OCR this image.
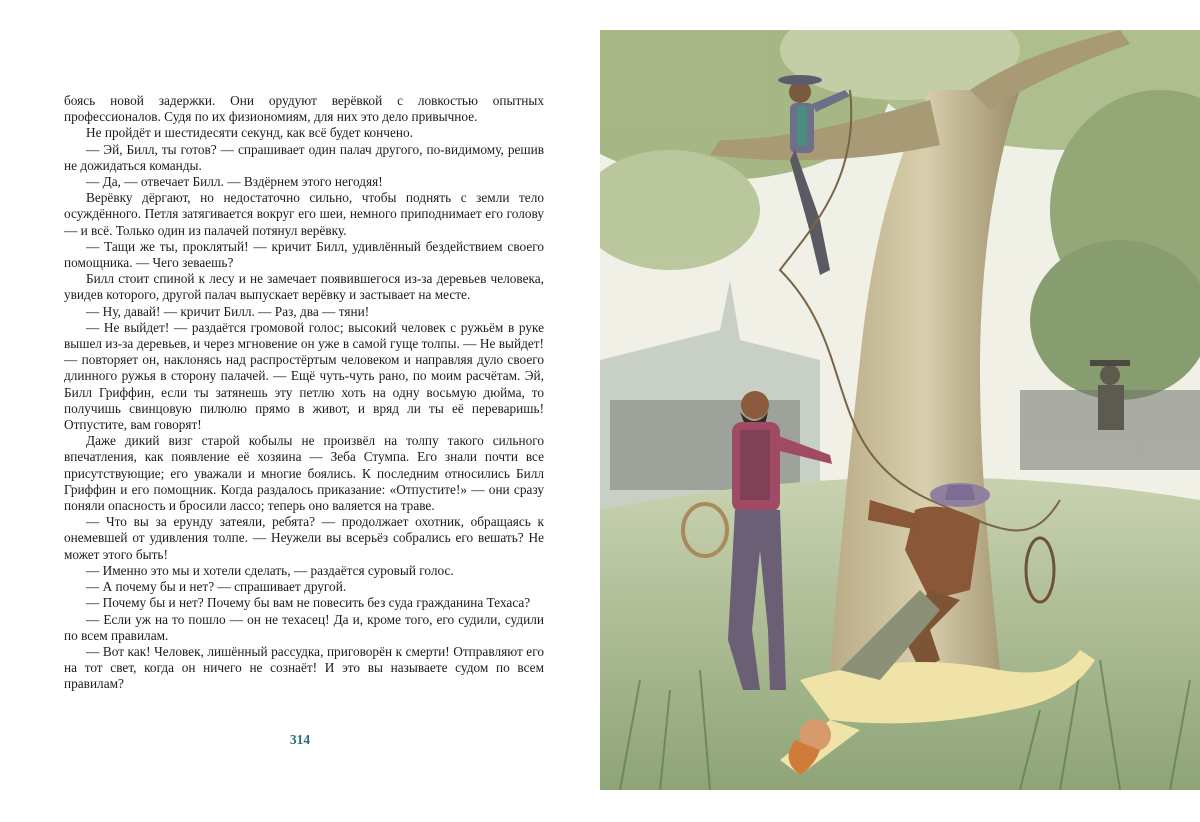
боясь новой задержки. Они орудуют верёвкой с ловкостью опытных профессионалов. Судя по их физиономиям, для них это дело привычное.

Не пройдёт и шестидесяти секунд, как всё будет кончено.

— Эй, Билл, ты готов? — спрашивает один палач другого, по-видимому, решив не дожидаться команды.

— Да, — отвечает Билл. — Вздёрнем этого негодяя!

Верёвку дёргают, но недостаточно сильно, чтобы поднять с земли тело осуждённого. Петля затягивается вокруг его шеи, немного приподнимает его голову — и всё. Только один из палачей потянул верёвку.

— Тащи же ты, проклятый! — кричит Билл, удивлённый бездействием своего помощника. — Чего зеваешь?

Билл стоит спиной к лесу и не замечает появившегося из-за деревьев человека, увидев которого, другой палач выпускает верёвку и застывает на месте.

— Ну, давай! — кричит Билл. — Раз, два — тяни!

— Не выйдет! — раздаётся громовой голос; высокий человек с ружьём в руке вышел из-за деревьев, и через мгновение он уже в самой гуще толпы. — Не выйдет! — повторяет он, наклонясь над распростёртым человеком и направляя дуло своего длинного ружья в сторону палачей. — Ещё чуть-чуть рано, по моим расчётам. Эй, Билл Гриффин, если ты затянешь эту петлю хоть на одну восьмую дюйма, то получишь свинцовую пилюлю прямо в живот, и вряд ли ты её переваришь! Отпустите, вам говорят!

Даже дикий визг старой кобылы не произвёл на толпу такого сильного впечатления, как появление её хозяина — Зеба Стумпа. Его знали почти все присутствующие; его уважали и многие боялись. К последним относились Билл Гриффин и его помощник. Когда раздалось приказание: «Отпустите!» — они сразу поняли опасность и бросили лассо; теперь оно валяется на траве.

— Что вы за ерунду затеяли, ребята? — продолжает охотник, обращаясь к онемевшей от удивления толпе. — Неужели вы всерьёз собрались его вешать? Не может этого быть!

— Именно это мы и хотели сделать, — раздаётся суровый голос.

— А почему бы и нет? — спрашивает другой.

— Почему бы и нет? Почему бы вам не повесить без суда гражданина Техаса?

— Если уж на то пошло — он не техасец! Да и, кроме того, его судили, судили по всем правилам.

— Вот как! Человек, лишённый рассудка, приговорён к смерти! Отправляют его на тот свет, когда он ничего не сознаёт! И это вы называете судом по всем правилам?

314
